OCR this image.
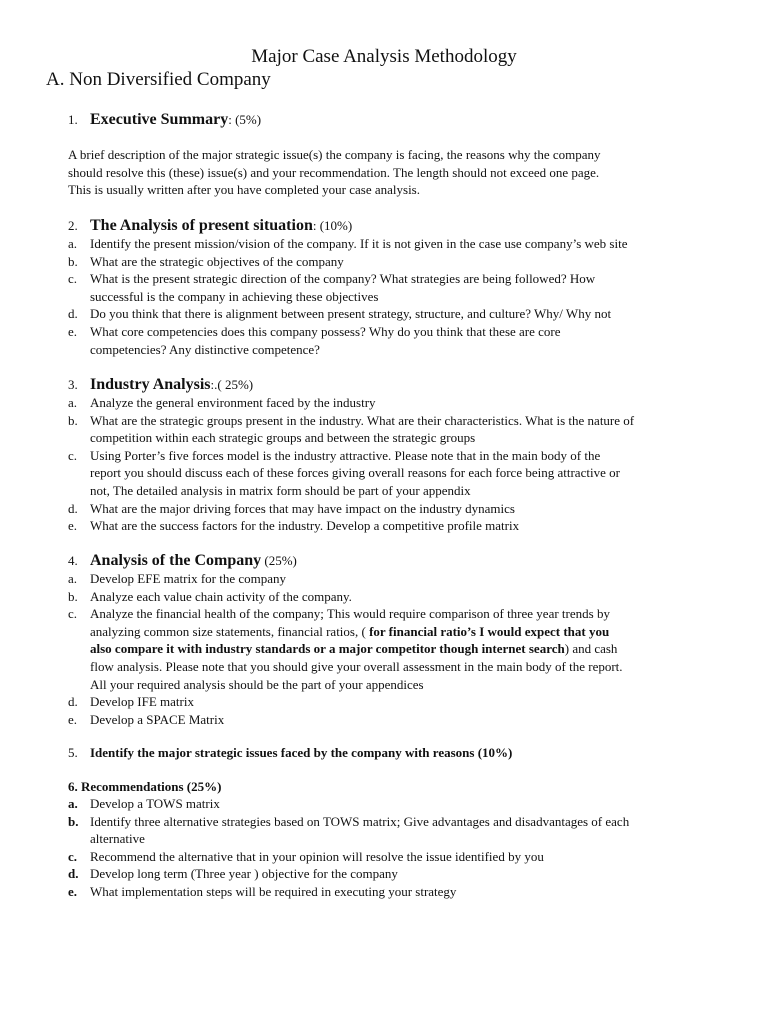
Major Case Analysis Methodology
A. Non Diversified Company
1. Executive Summary: (5%)
A brief description of the major strategic issue(s) the company is facing, the reasons why the company
should resolve this (these) issue(s) and your recommendation. The length should not exceed one page.
This is usually written after you have completed your case analysis.
2. The Analysis of present situation: (10%)
a. Identify the present mission/vision of the company. If it is not given in the case use company’s web site
b. What are the strategic objectives of the company
c. What is the present strategic direction of the company? What strategies are being followed? How
successful is the company in achieving these objectives
d. Do you think that there is alignment between present strategy, structure, and culture? Why/ Why not
e. What core competencies does this company possess? Why do you think that these are core
competencies? Any distinctive competence?
3. Industry Analysis:.( 25%)
a. Analyze the general environment faced by the industry
b. What are the strategic groups present in the industry. What are their characteristics. What is the nature of
competition within each strategic groups and between the strategic groups
c. Using Porter’s five forces model is the industry attractive. Please note that in the main body of the
report you should discuss each of these forces giving overall reasons for each force being attractive or
not, The detailed analysis in matrix form should be part of your appendix
d. What are the major driving forces that may have impact on the industry dynamics
e. What are the success factors for the industry. Develop a competitive profile matrix
4. Analysis of the Company (25%)
a. Develop EFE matrix for the company
b. Analyze each value chain activity of the company.
c. Analyze the financial health of the company; This would require comparison of three year trends by
analyzing common size statements, financial ratios, ( for financial ratio’s I would expect that you
also compare it with industry standards or a major competitor though internet search) and cash
flow analysis. Please note that you should give your overall assessment in the main body of the report.
All your required analysis should be the part of your appendices
d. Develop IFE matrix
e. Develop a SPACE Matrix
5. Identify the major strategic issues faced by the company with reasons (10%)
6. Recommendations (25%)
a. Develop a TOWS matrix
b. Identify three alternative strategies based on TOWS matrix; Give advantages and disadvantages of each
alternative
c. Recommend the alternative that in your opinion will resolve the issue identified by you
d. Develop long term (Three year ) objective for the company
e. What implementation steps will be required in executing your strategy
